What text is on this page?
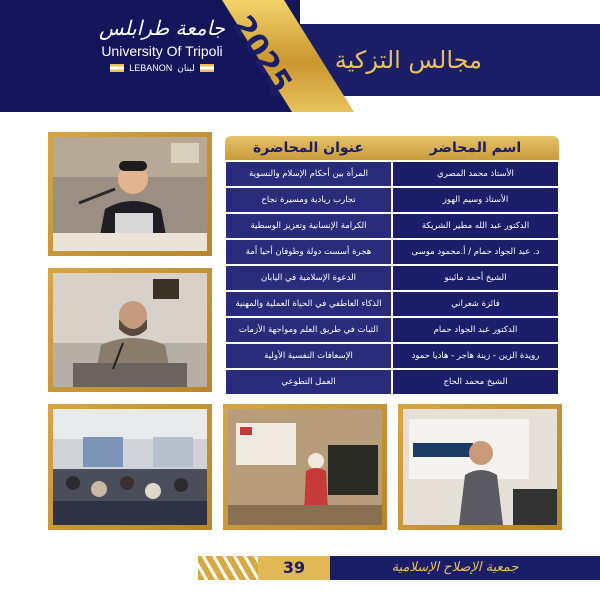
جامعة طرابلس
University Of Tripoli
LEBANON لبنان 2025	مجالس التزكية
عنوان المحاضرة	اسم المحاضر
المرأة بين أحكام الإسلام والنسوية	الأستاذ محمد المصري
تجارب ريادية ومسيرة نجاح	الأستاذ وسيم الهوز
الكرامة الإنسانية وتعزيز الوسطية	الدكتور عبد الله مطير الشريكة
هجرة أسست دولة وطوفان أحيا أمة	د. عبد الجواد حمام / أ.محمود موسى
الدعوة الإسلامية في اليابان	الشيخ أحمد مائينو
الذكاء العاطفي في الحياة العملية والمهنية	فائزة شعراني
الثبات في طريق العلم ومواجهة الأزمات	الدكتور عبد الجواد حمام
الإسعافات النفسية الأولية	رويدة الزين - زينة هاجر - هاديا حمود
العمل التطوعي	الشيخ محمد الحاج
39	جمعية الإصلاح الإسلامية
